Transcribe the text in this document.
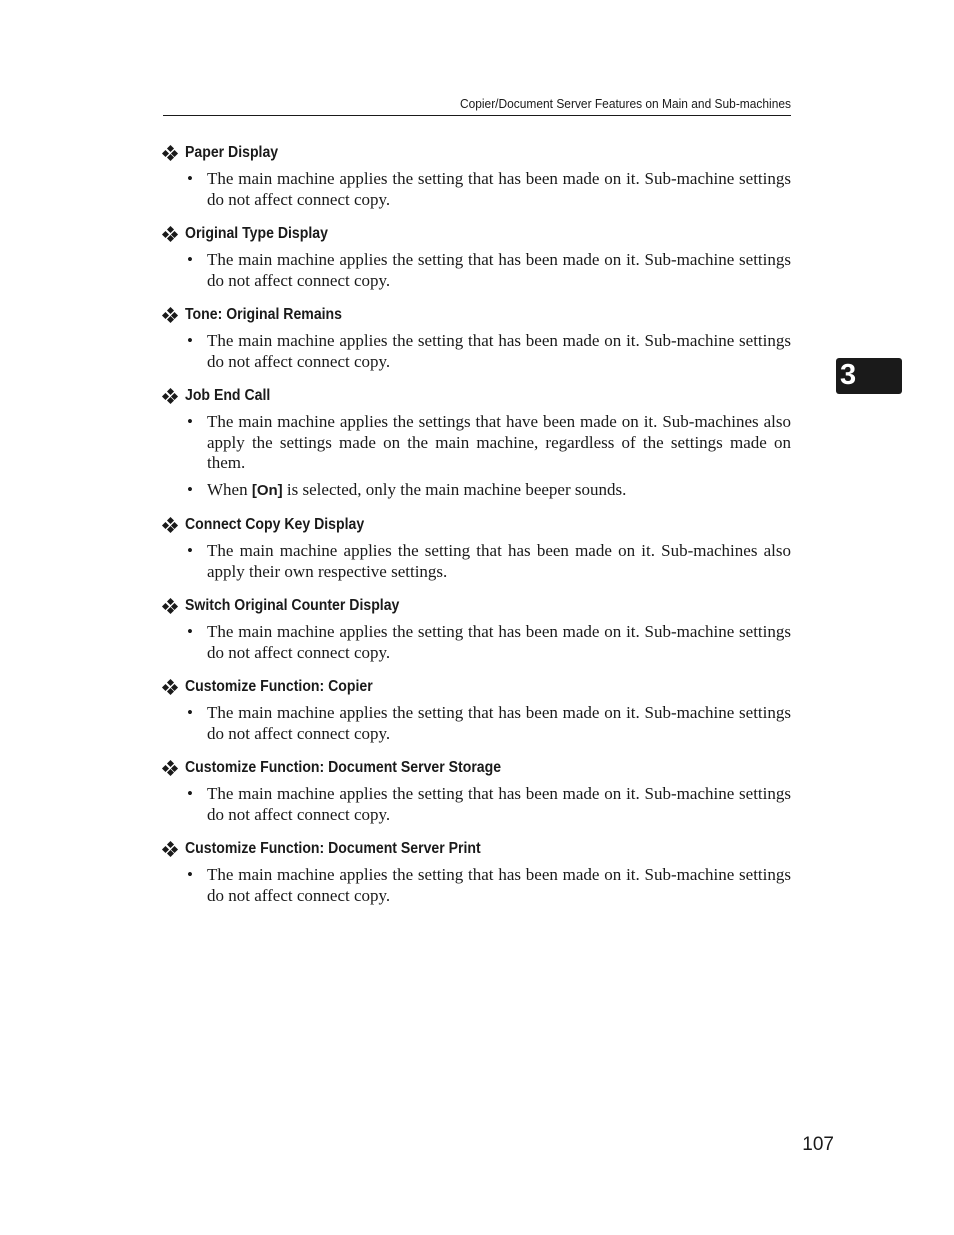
Copier/Document Server Features on Main and Sub-machines
Paper Display
• The main machine applies the setting that has been made on it. Sub-machine settings do not affect connect copy.
Original Type Display
• The main machine applies the setting that has been made on it. Sub-machine settings do not affect connect copy.
Tone: Original Remains
• The main machine applies the setting that has been made on it. Sub-machine settings do not affect connect copy.
Job End Call
• The main machine applies the settings that have been made on it. Sub-machines also apply the settings made on the main machine, regardless of the settings made on them.
• When [On] is selected, only the main machine beeper sounds.
Connect Copy Key Display
• The main machine applies the setting that has been made on it. Sub-machines also apply their own respective settings.
Switch Original Counter Display
• The main machine applies the setting that has been made on it. Sub-machine settings do not affect connect copy.
Customize Function: Copier
• The main machine applies the setting that has been made on it. Sub-machine settings do not affect connect copy.
Customize Function: Document Server Storage
• The main machine applies the setting that has been made on it. Sub-machine settings do not affect connect copy.
Customize Function: Document Server Print
• The main machine applies the setting that has been made on it. Sub-machine settings do not affect connect copy.
3
107
